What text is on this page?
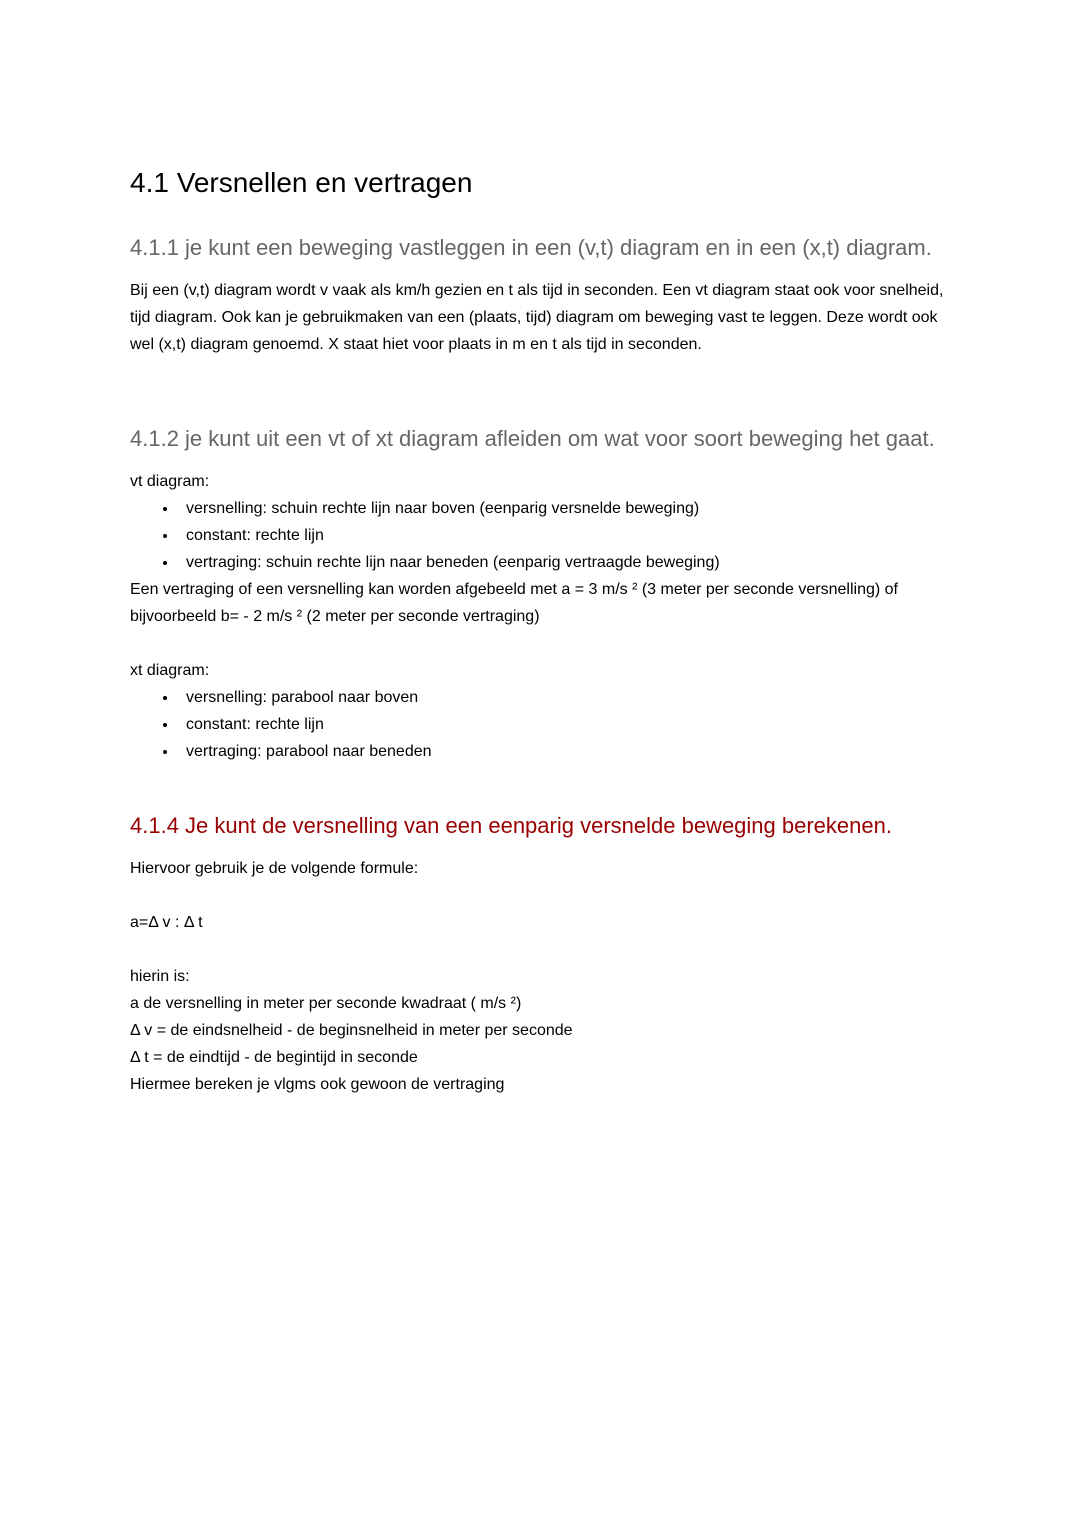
4.1 Versnellen en vertragen
4.1.1 je kunt een beweging vastleggen in een (v,t) diagram en in een (x,t) diagram.

Bij een (v,t) diagram wordt v vaak als km/h gezien en t als tijd in seconden. Een vt diagram staat ook voor snelheid, tijd diagram. Ook kan je gebruikmaken van een (plaats, tijd) diagram om beweging vast te leggen. Deze wordt ook wel (x,t) diagram genoemd. X staat hiet voor plaats in m en t als tijd in seconden.

4.1.2 je kunt uit een vt of xt diagram afleiden om wat voor soort beweging het gaat.

vt diagram:

• versnelling: schuin rechte lijn naar boven (eenparig versnelde beweging)
• constant: rechte lijn
• vertraging: schuin rechte lijn naar beneden (eenparig vertraagde beweging)

Een vertraging of een versnelling kan worden afgebeeld met a = 3 m/s ² (3 meter per seconde versnelling) of bijvoorbeeld b= - 2 m/s ² (2 meter per seconde vertraging)

xt diagram:

• versnelling: parabool naar boven
• constant: rechte lijn
• vertraging: parabool naar beneden
4.1.4 Je kunt de versnelling van een eenparig versnelde beweging berekenen.

Hiervoor gebruik je de volgende formule:

a=Δ v : Δ t

hierin is:

a de versnelling in meter per seconde kwadraat ( m/s ²)

Δ v = de eindsnelheid - de beginsnelheid in meter per seconde

Δ t = de eindtijd - de begintijd in seconde

Hiermee bereken je vlgms ook gewoon de vertraging
